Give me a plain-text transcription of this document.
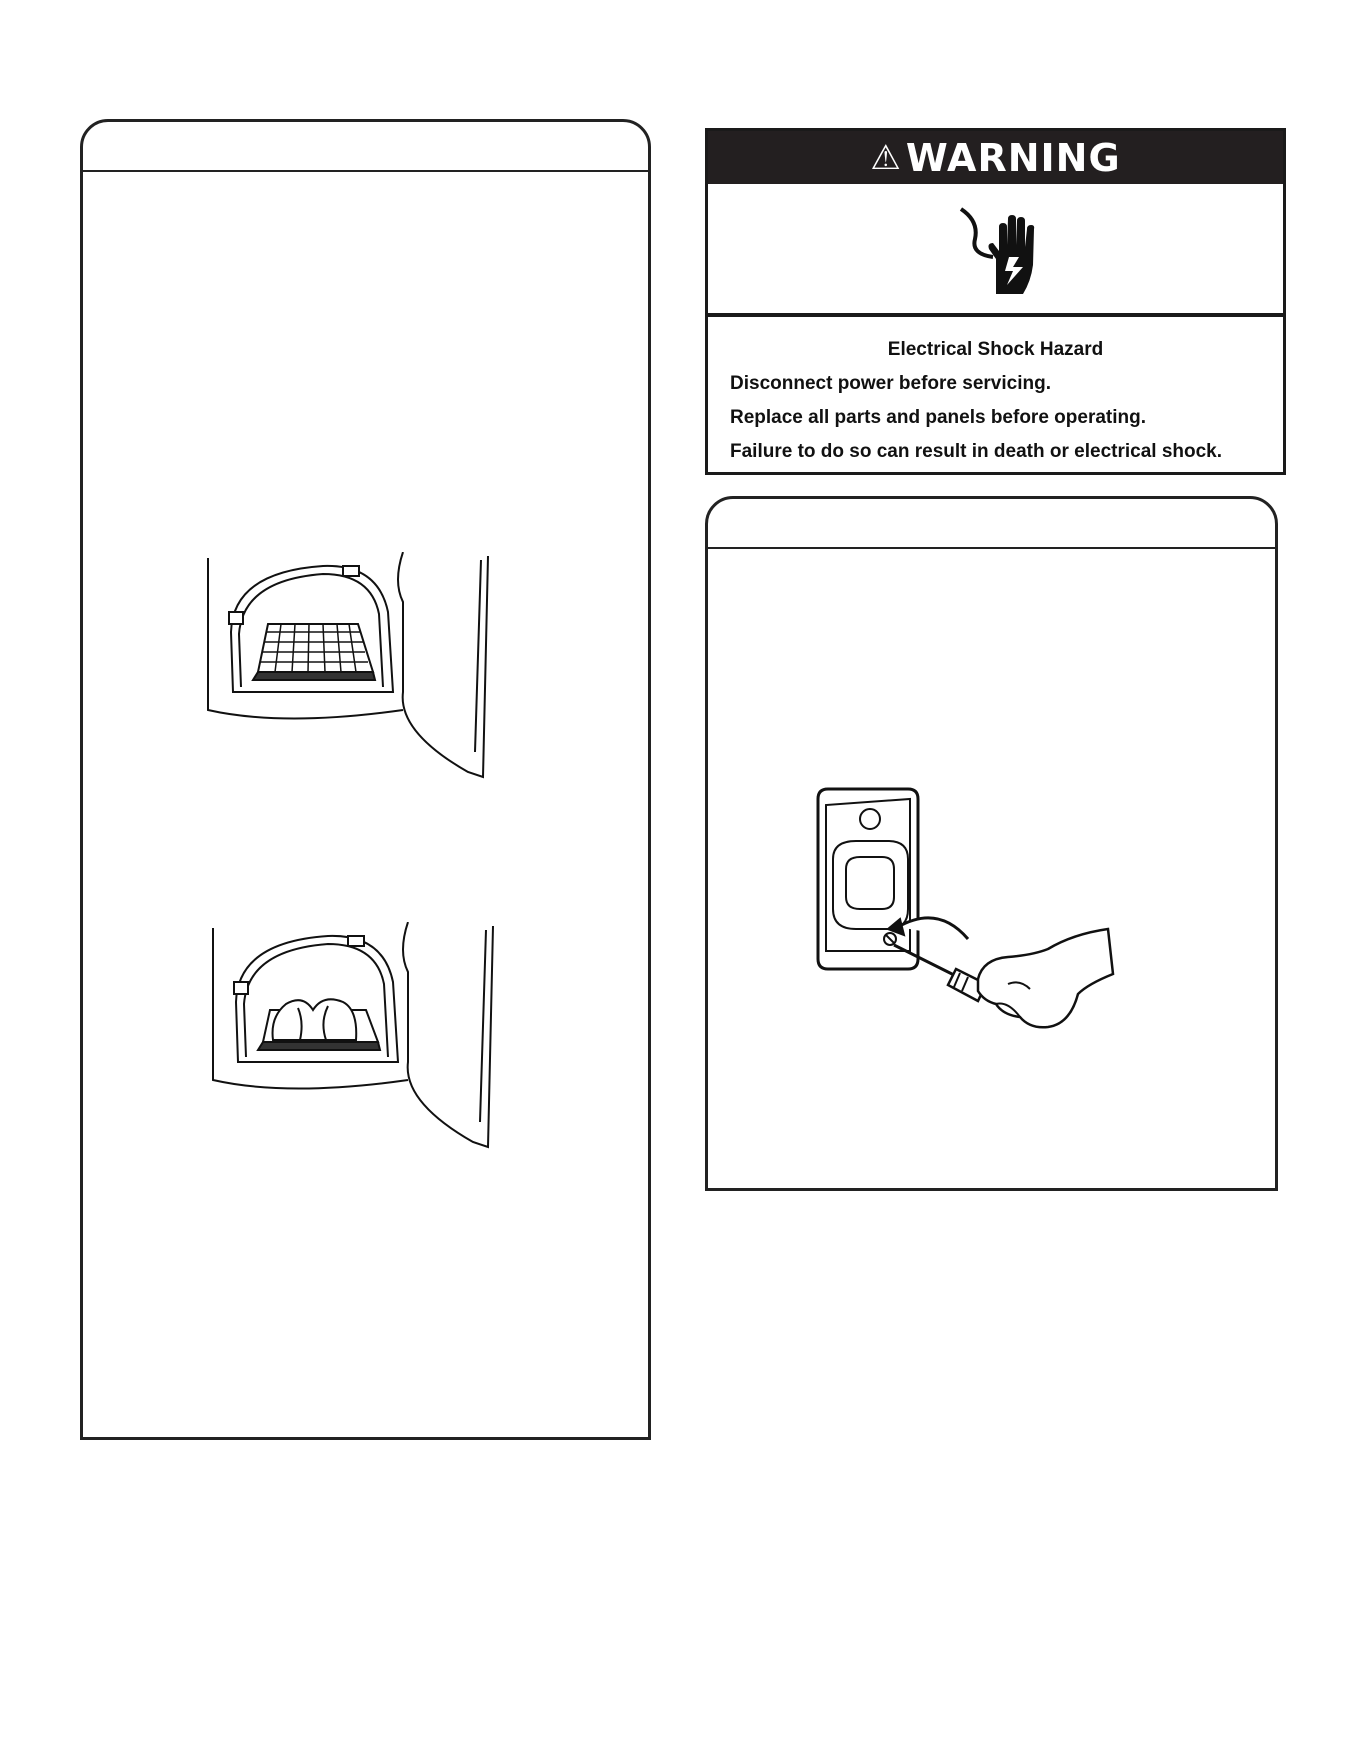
⚠ WARNING
Electrical Shock Hazard
Disconnect power before servicing.
Replace all parts and panels before operating.
Failure to do so can result in death or electrical shock.
